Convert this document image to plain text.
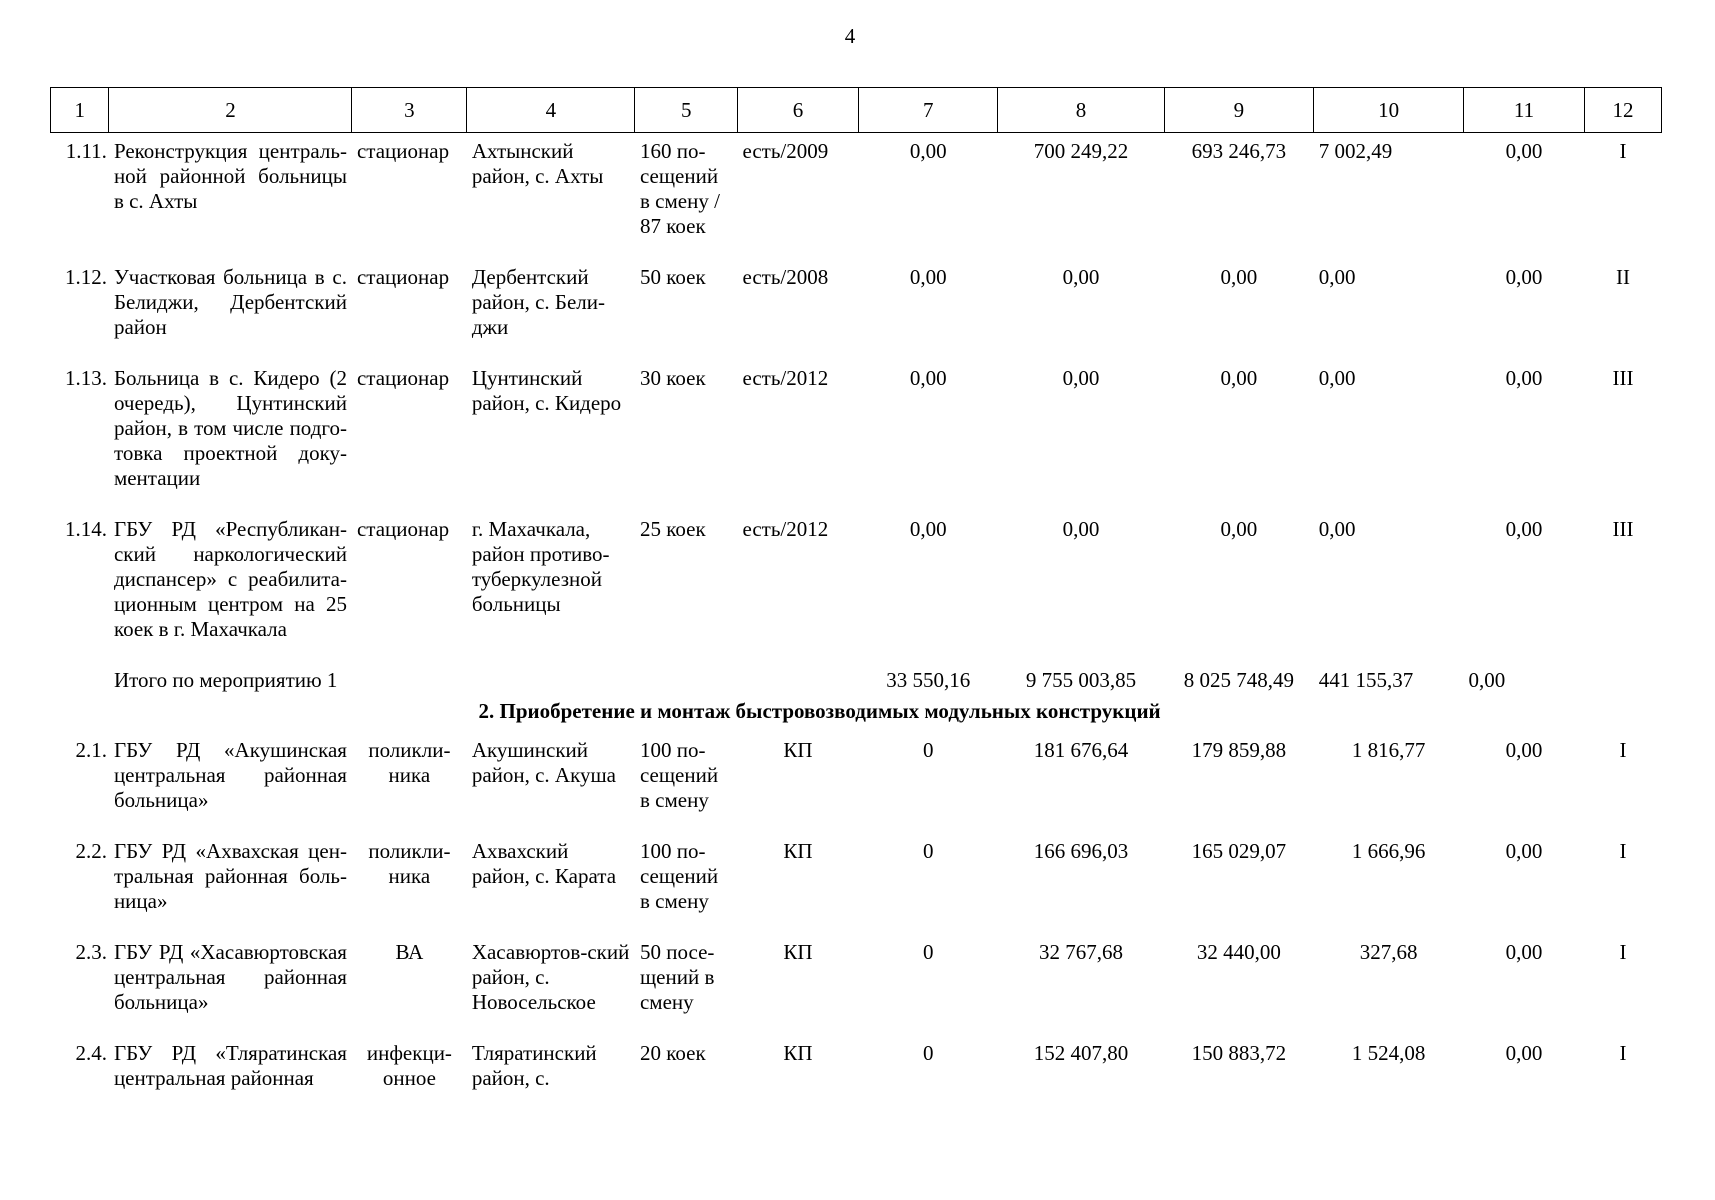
4
1	2	3	4	5	6	7	8	9	10	11	12
1.11.	Реконструкция централь-ной районной больницы в с. Ахты	стационар	Ахтынский район, с. Ахты	160 по-сещений в смену / 87 коек	есть/2009	0,00	700 249,22	693 246,73	7 002,49	0,00	I

1.12.	Участковая больница в с. Белиджи, Дербентский район	стационар	Дербентский район, с. Бели-джи	50 коек	есть/2008	0,00	0,00	0,00	0,00	0,00	II

1.13.	Больница в с. Кидеро (2 очередь), Цунтинский район, в том числе подго-товка проектной доку-ментации	стационар	Цунтинский район, с. Кидеро	30 коек	есть/2012	0,00	0,00	0,00	0,00	0,00	III

1.14.	ГБУ РД «Республикан-ский наркологический диспансер» с реабилита-ционным центром на 25 коек в г. Махачкала	стационар	г. Махачкала, район противо-туберкулезной больницы	25 коек	есть/2012	0,00	0,00	0,00	0,00	0,00	III

	Итого по мероприятию 1					33 550,16	9 755 003,85	8 025 748,49	441 155,37	0,00	
2. Приобретение и монтаж быстровозводимых модульных конструкций											

2.1.	ГБУ РД «Акушинская центральная районная больница»	поликли-ника	Акушинский район, с. Акуша	100 по-сещений в смену	КП	0	181 676,64	179 859,88	1 816,77	0,00	I

2.2.	ГБУ РД «Ахвахская цен-тральная районная боль-ница»	поликли-ника	Ахвахский район, с. Карата	100 по-сещений в смену	КП	0	166 696,03	165 029,07	1 666,96	0,00	I

2.3.	ГБУ РД «Хасавюртовская центральная районная больница»	ВА	Хасавюртов-ский район, с. Новосельское	50 посе-щений в смену	КП	0	32 767,68	32 440,00	327,68	0,00	I

2.4.	ГБУ РД «Тляратинская центральная районная	инфекци-онное	Тляратинский район, с.	20 коек	КП	0	152 407,80	150 883,72	1 524,08	0,00	I
